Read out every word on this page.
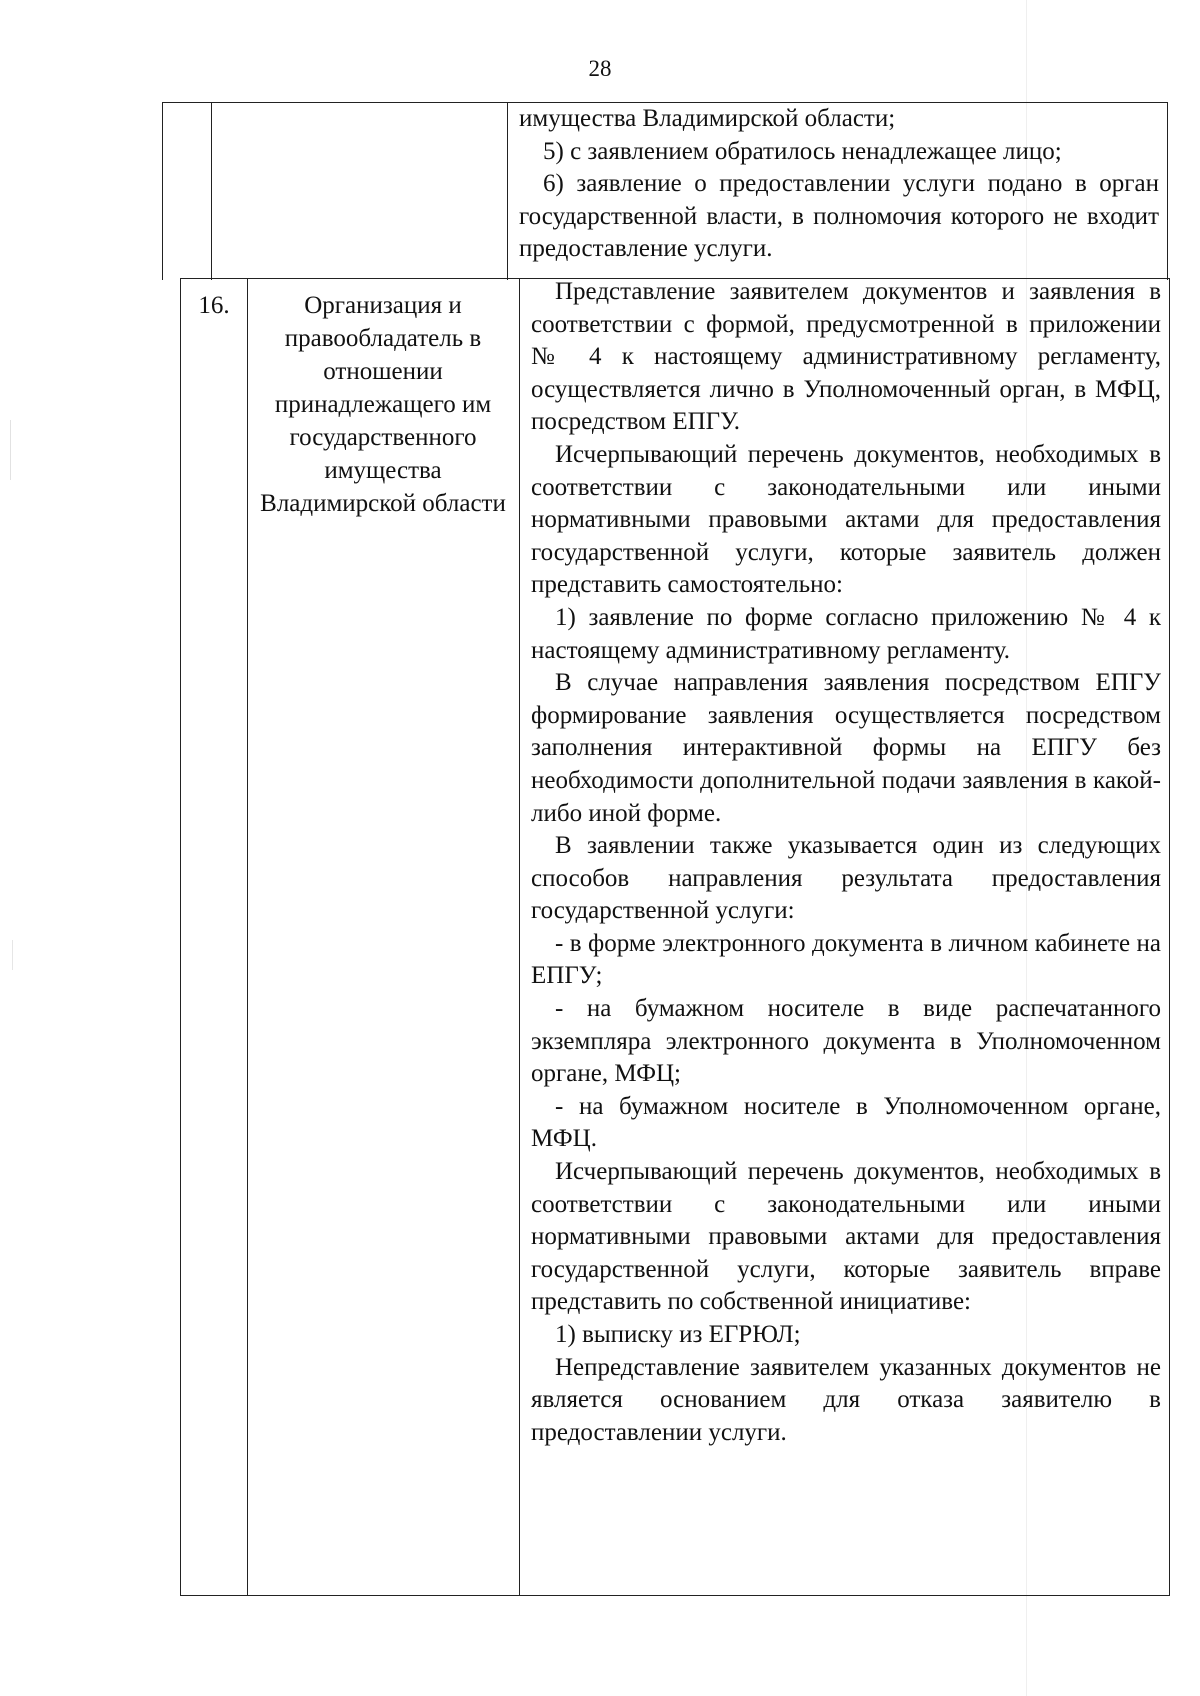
28

имущества Владимирской области;

5) с заявлением обратилось ненадлежащее лицо;

6) заявление о предоставлении услуги подано в орган государственной власти, в полномочия которого не входит предоставление услуги.

16.	Организация и правообладатель в отношении принадлежащего им государственного имущества Владимирской области

Представление заявителем документов и заявления в соответствии с формой, предусмотренной в приложении № 4 к настоящему административному регламенту, осуществляется лично в Уполномоченный орган, в МФЦ, посредством ЕПГУ.

Исчерпывающий перечень документов, необходимых в соответствии с законодательными или иными нормативными правовыми актами для предоставления государственной услуги, которые заявитель должен представить самостоятельно:

1) заявление по форме согласно приложению № 4 к настоящему административному регламенту.

В случае направления заявления посредством ЕПГУ формирование заявления осуществляется посредством заполнения интерактивной формы на ЕПГУ без необходимости дополнительной подачи заявления в какой-либо иной форме.

В заявлении также указывается один из следующих способов направления результата предоставления государственной услуги:

- в форме электронного документа в личном кабинете на ЕПГУ;

- на бумажном носителе в виде распечатанного экземпляра электронного документа в Уполномоченном органе, МФЦ;

- на бумажном носителе в Уполномоченном органе, МФЦ.

Исчерпывающий перечень документов, необходимых в соответствии с законодательными или иными нормативными правовыми актами для предоставления государственной услуги, которые заявитель вправе представить по собственной инициативе:

1) выписку из ЕГРЮЛ;

Непредставление заявителем указанных документов не является основанием для отказа заявителю в предоставлении услуги.
